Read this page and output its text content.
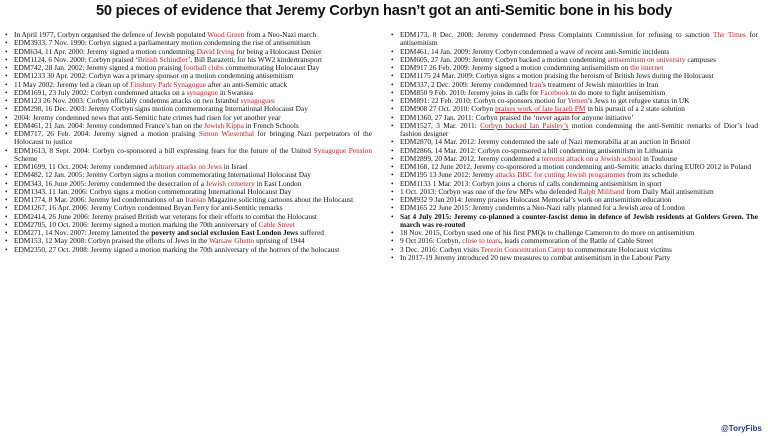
50 pieces of evidence that Jeremy Corbyn hasn’t got an anti-Semitic bone in his body
• In April 1977, Corbyn organised the defence of Jewish populated Wood Green from a Neo-Nazi march
• EDM3933, 7 Nov. 1990: Corbyn signed a parliamentary motion condemning the rise of antisemitism
• EDM634, 11 Apr. 2000: Jeremy signed a motion condemning David Irving for being a Holocaust Denier
• EDM1124, 6 Nov. 2000: Corbyn praised ‘British Schindler’, Bill Barazetti, for his WW2 kindertransport
• EDM742, 28 Jan. 2002: Jeremy signed a motion praising football clubs commemorating Holocaust Day
• EDM1233 30 Apr. 2002: Corbyn was a primary sponsor on a motion condemning antisemitism
• 11 May 2002: Jeremy led a clean up of Finsbury Park Synagogue after an anti-Semitic attack
• EDM1691, 23 July 2002: Corbyn condemned attacks on a synagogue in Swansea
• EDM123 26 Nov. 2003: Corbyn officially condemns attacks on two Istanbul synagogues
• EDM298, 16 Dec. 2003: Jeremy Corbyn signs motion commemorating International Holocaust Day
• 2004: Jeremy condemned news that anti-Semitic hate crimes had risen for yet another year
• EDM461, 21 Jan. 2004: Jeremy condemned France’s ban on the Jewish Kippa in French Schools
• EDM717, 26 Feb. 2004: Jeremy signed a motion praising Simon Wiesenthal for bringing Nazi perpetrators of the Holocaust to justice
• EDM1613, 8 Sept. 2004: Corbyn co-sponsored a bill expressing fears for the future of the United Synagogue Pension Scheme
• EDM1699, 11 Oct. 2004: Jeremy condemned arbitrary attacks on Jews in Israel
• EDM482, 12 Jan. 2005: Jeremy Corbyn signs a motion commemorating International Holocaust Day
• EDM343, 16 June 2005: Jeremy condemned the desecration of a Jewish cemetery in East London
• EDM1343, 11 Jan. 2006: Corbyn signs a motion commemorating International Holocaust Day
• EDM1774, 8 Mar. 2006: Jeremy led condemnations of an Iranian Magazine soliciting cartoons about the Holocaust
• EDM1267, 16 Apr. 2006: Jeremy Corbyn condemned Bryan Ferry for anti-Semitic remarks
• EDM2414, 26 June 2006: Jeremy praised British war veterans for their efforts to combat the Holocaust
• EDM2705, 10 Oct. 2006: Jeremy signed a motion marking the 70th anniversary of Cable Street
• EDM271, 14 Nov. 2007: Jeremy lamented the poverty and social exclusion East London Jews suffered
• EDM153, 12 May 2008: Corbyn praised the efforts of Jews in the Warsaw Ghetto uprising of 1944
• EDM2350, 27 Oct. 2008: Jeremy signed a motion marking the 70th anniversary of the horrors of the holocaust
• EDM173, 8 Dec. 2008: Jeremy condemned Press Complaints Commission for refusing to sanction The Times for antisemitism
• EDM461, 14 Jan. 2009: Jeremy Corbyn condemned a wave of recent anti-Semitic incidents
• EDM605, 27 Jan. 2009: Jeremy Corbyn backed a motion condemning antisemitism on university campuses
• EDM917 26 Feb. 2009: Jeremy signed a motion condemning antisemitism on the internet
• EDM1175 24 Mar. 2009: Corbyn signs a motion praising the heroism of British Jews during the Holocaust
• EDM337, 2 Dec. 2009: Jeremy condemned Iran’s treatment of Jewish minorities in Iran
• EDM850 9 Feb. 2010: Jeremy joins in calls for Facebook to do more to fight antisemitism
• EDM891: 22 Feb. 2010: Corbyn co-sponsors motion for Yemen’s Jews to get refugee status in UK
• EDM908 27 Oct. 2010: Corbyn praises work of late Israeli PM in his pursuit of a 2 state solution
• EDM1360, 27 Jan. 2011: Corbyn praised the ‘never again for anyone initiative’
• EDM1527, 3 Mar. 2011: Corbyn backed Ian Paisley’s motion condemning the anti-Semitic remarks of Dior’s lead fashion designer
• EDM2870, 14 Mar. 2012: Jeremy condemned the sale of Nazi memorabilia at an auction in Bristol
• EDM2866, 14 Mar. 2012: Corbyn co-sponsored a bill condemning antisemitism in Lithuania
• EDM2899, 20 Mar. 2012, Jeremy condemned a terrorist attack on a Jewish school in Toulouse
• EDM168, 12 June 2012, Jeremy co-sponsored a motion condemning anti-Semitic attacks during EURO 2012 in Poland
• EDM195 13 June 2012: Jeremy attacks BBC for cutting Jewish programmes from its schedule
• EDM1133 1 Mar. 2013: Corbyn joins a chorus of calls condemning antisemitism in sport
• 1 Oct. 2013: Corbyn was one of the few MPs who defended Ralph Miliband from Daily Mail antisemitism
• EDM932 9 Jan 2014: Jeremy praises Holocaust Memorial’s work on antisemitism education
• EDM165 22 June 2015: Jeremy condemns a Neo-Nazi rally planned for a Jewish area of London
• Sat 4 July 2015: Jeremy co-planned a counter-fascist demo in defence of Jewish residents at Golders Green. The march was re-routed
• 18 Nov. 2015, Corbyn used one of his first PMQs to challenge Cameron to do more on antisemitism
• 9 Oct 2016: Corbyn, close to tears, leads commemoration of the Battle of Cable Street
• 3 Dec. 2016: Corbyn visits Terezin Concentration Camp to commemorate Holocaust victims
• In 2017-19 Jeremy introduced 20 new measures to combat antisemitism in the Labour Party
@ToryFibs
